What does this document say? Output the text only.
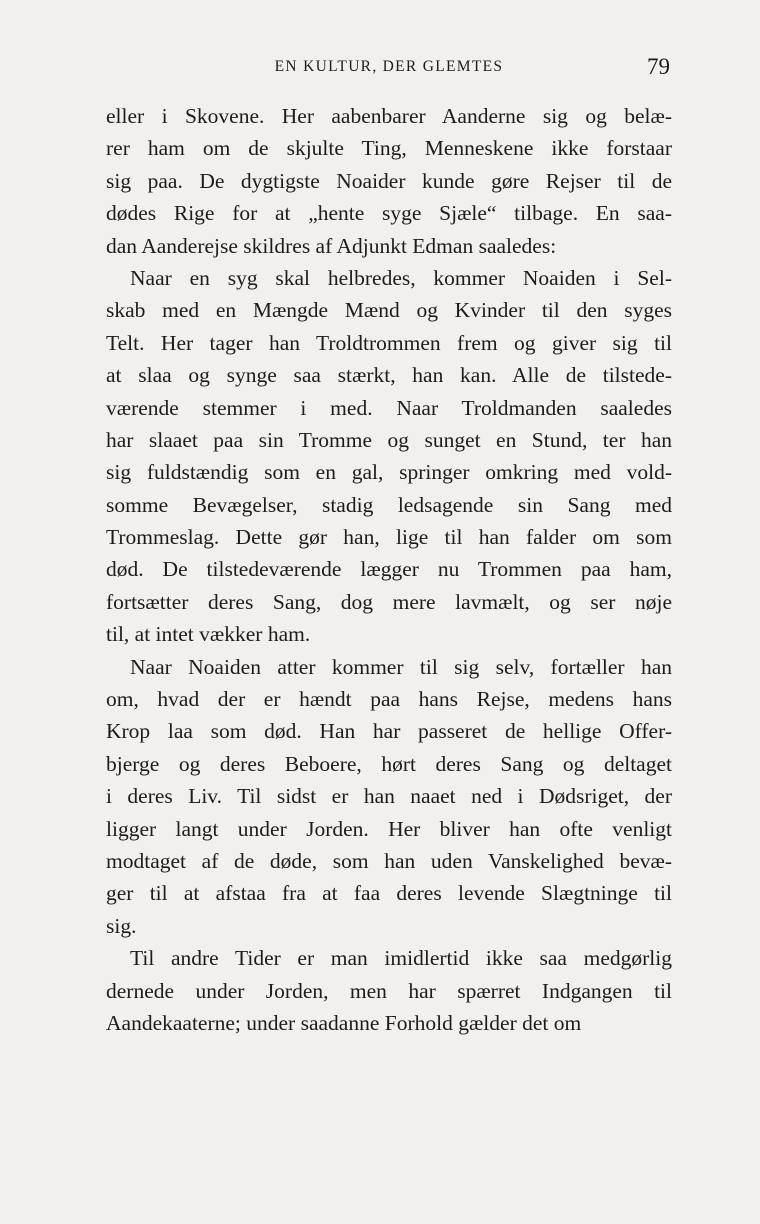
EN KULTUR, DER GLEMTES	79
eller i Skovene. Her aabenbarer Aanderne sig og belæ-
rer ham om de skjulte Ting, Menneskene ikke forstaar
sig paa. De dygtigste Noaider kunde gøre Rejser til de
dødes Rige for at „hente syge Sjæle“ tilbage. En saa-
dan Aanderejse skildres af Adjunkt Edman saaledes:
Naar en syg skal helbredes, kommer Noaiden i Sel-
skab med en Mængde Mænd og Kvinder til den syges
Telt. Her tager han Troldtrommen frem og giver sig til
at slaa og synge saa stærkt, han kan. Alle de tilstede-
værende stemmer i med. Naar Troldmanden saaledes
har slaaet paa sin Tromme og sunget en Stund, ter han
sig fuldstændig som en gal, springer omkring med vold-
somme Bevægelser, stadig ledsagende sin Sang med
Trommeslag. Dette gør han, lige til han falder om som
død. De tilstedeværende lægger nu Trommen paa ham,
fortsætter deres Sang, dog mere lavmælt, og ser nøje
til, at intet vækker ham.
Naar Noaiden atter kommer til sig selv, fortæller han
om, hvad der er hændt paa hans Rejse, medens hans
Krop laa som død. Han har passeret de hellige Offer-
bjerge og deres Beboere, hørt deres Sang og deltaget
i deres Liv. Til sidst er han naaet ned i Dødsriget, der
ligger langt under Jorden. Her bliver han ofte venligt
modtaget af de døde, som han uden Vanskelighed bevæ-
ger til at afstaa fra at faa deres levende Slægtninge til
sig.
Til andre Tider er man imidlertid ikke saa medgørlig
dernede under Jorden, men har spærret Indgangen til
Aandekaaterne; under saadanne Forhold gælder det om
